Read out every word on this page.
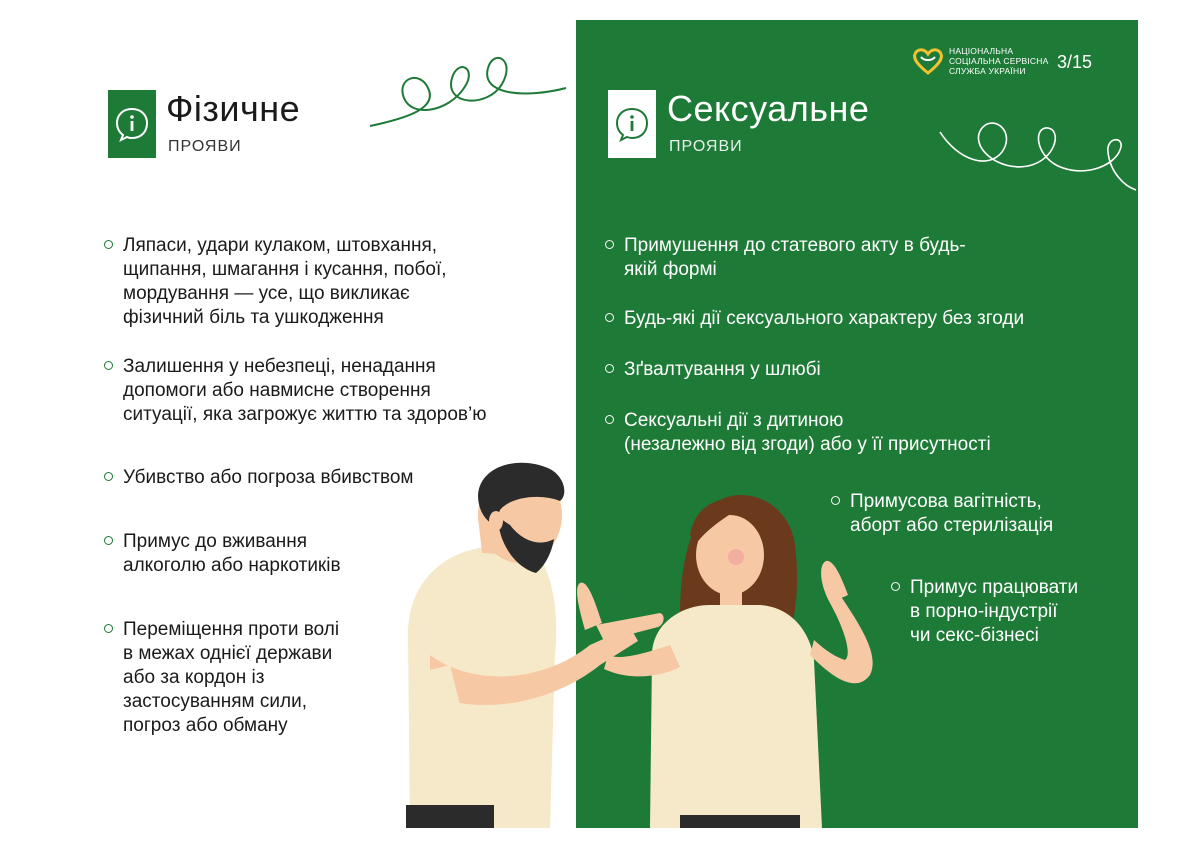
Фізичне
ПРОЯВИ
Сексуальне
ПРОЯВИ
НАЦІОНАЛЬНА
СОЦІАЛЬНА СЕРВІСНА
СЛУЖБА УКРАЇНИ	3/15
Ляпаси, удари кулаком, штовхання,
щипання, шмагання і кусання, побої,
мордування — усе, що викликає
фізичний біль та ушкодження
Залишення у небезпеці, ненадання
допомоги або навмисне створення
ситуації, яка загрожує життю та здоров’ю
Убивство або погроза вбивством
Примус до вживання
алкоголю або наркотиків
Переміщення проти волі
в межах однієї держави
або за кордон із
застосуванням сили,
погроз або обману
Примушення до статевого акту в будь-
якій формі
Будь-які дії сексуального характеру без згоди
Зґвалтування у шлюбі
Сексуальні дії з дитиною
(незалежно від згоди) або у її присутності
Примусова вагітність,
аборт або стерилізація
Примус працювати
в порно-індустрії
чи секс-бізнесі
